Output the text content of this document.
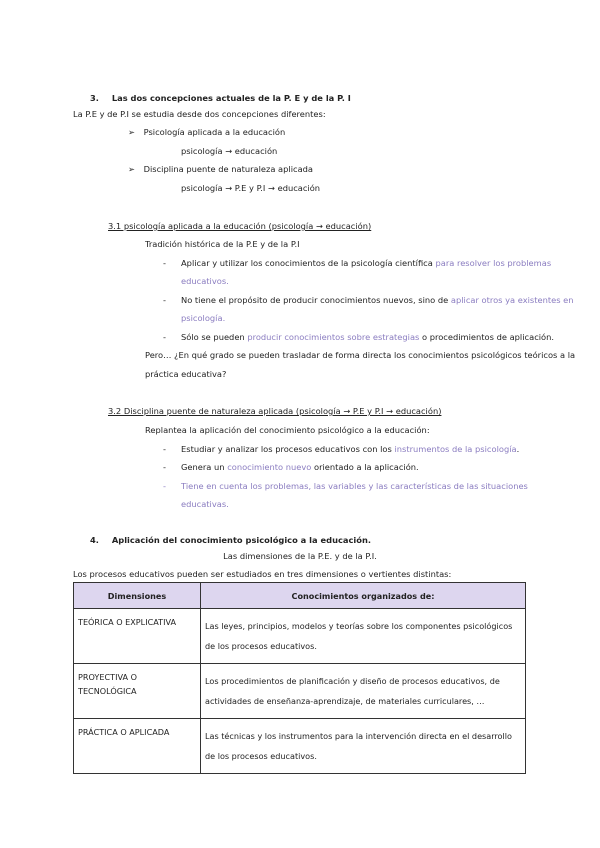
3. Las dos concepciones actuales de la P. E y de la P. I
La P.E y de P.I se estudia desde dos concepciones diferentes:
➢ Psicología aplicada a la educación
psicología → educación
➢ Disciplina puente de naturaleza aplicada
psicología → P.E y P.I → educación
3.1 psicología aplicada a la educación (psicología → educación)
Tradición histórica de la P.E y de la P.I
- Aplicar y utilizar los conocimientos de la psicología científica para resolver los problemas
educativos.
- No tiene el propósito de producir conocimientos nuevos, sino de aplicar otros ya existentes en
psicología.
- Sólo se pueden producir conocimientos sobre estrategias o procedimientos de aplicación.
Pero… ¿En qué grado se pueden trasladar de forma directa los conocimientos psicológicos teóricos a la
práctica educativa?
3.2 Disciplina puente de naturaleza aplicada (psicología → P.E y P.I → educación)
Replantea la aplicación del conocimiento psicológico a la educación:
- Estudiar y analizar los procesos educativos con los instrumentos de la psicología.
- Genera un conocimiento nuevo orientado a la aplicación.
- Tiene en cuenta los problemas, las variables y las características de las situaciones
educativas.
4. Aplicación del conocimiento psicológico a la educación.
Las dimensiones de la P.E. y de la P.I.
Los procesos educativos pueden ser estudiados en tres dimensiones o vertientes distintas:
Dimensiones	Conocimientos organizados de:
TEÓRICA O EXPLICATIVA	Las leyes, principios, modelos y teorías sobre los componentes psicológicos de los procesos educativos.
PROYECTIVA O TECNOLÓGICA	Los procedimientos de planificación y diseño de procesos educativos, de actividades de enseñanza-aprendizaje, de materiales curriculares, …
PRÁCTICA O APLICADA	Las técnicas y los instrumentos para la intervención directa en el desarrollo de los procesos educativos.
